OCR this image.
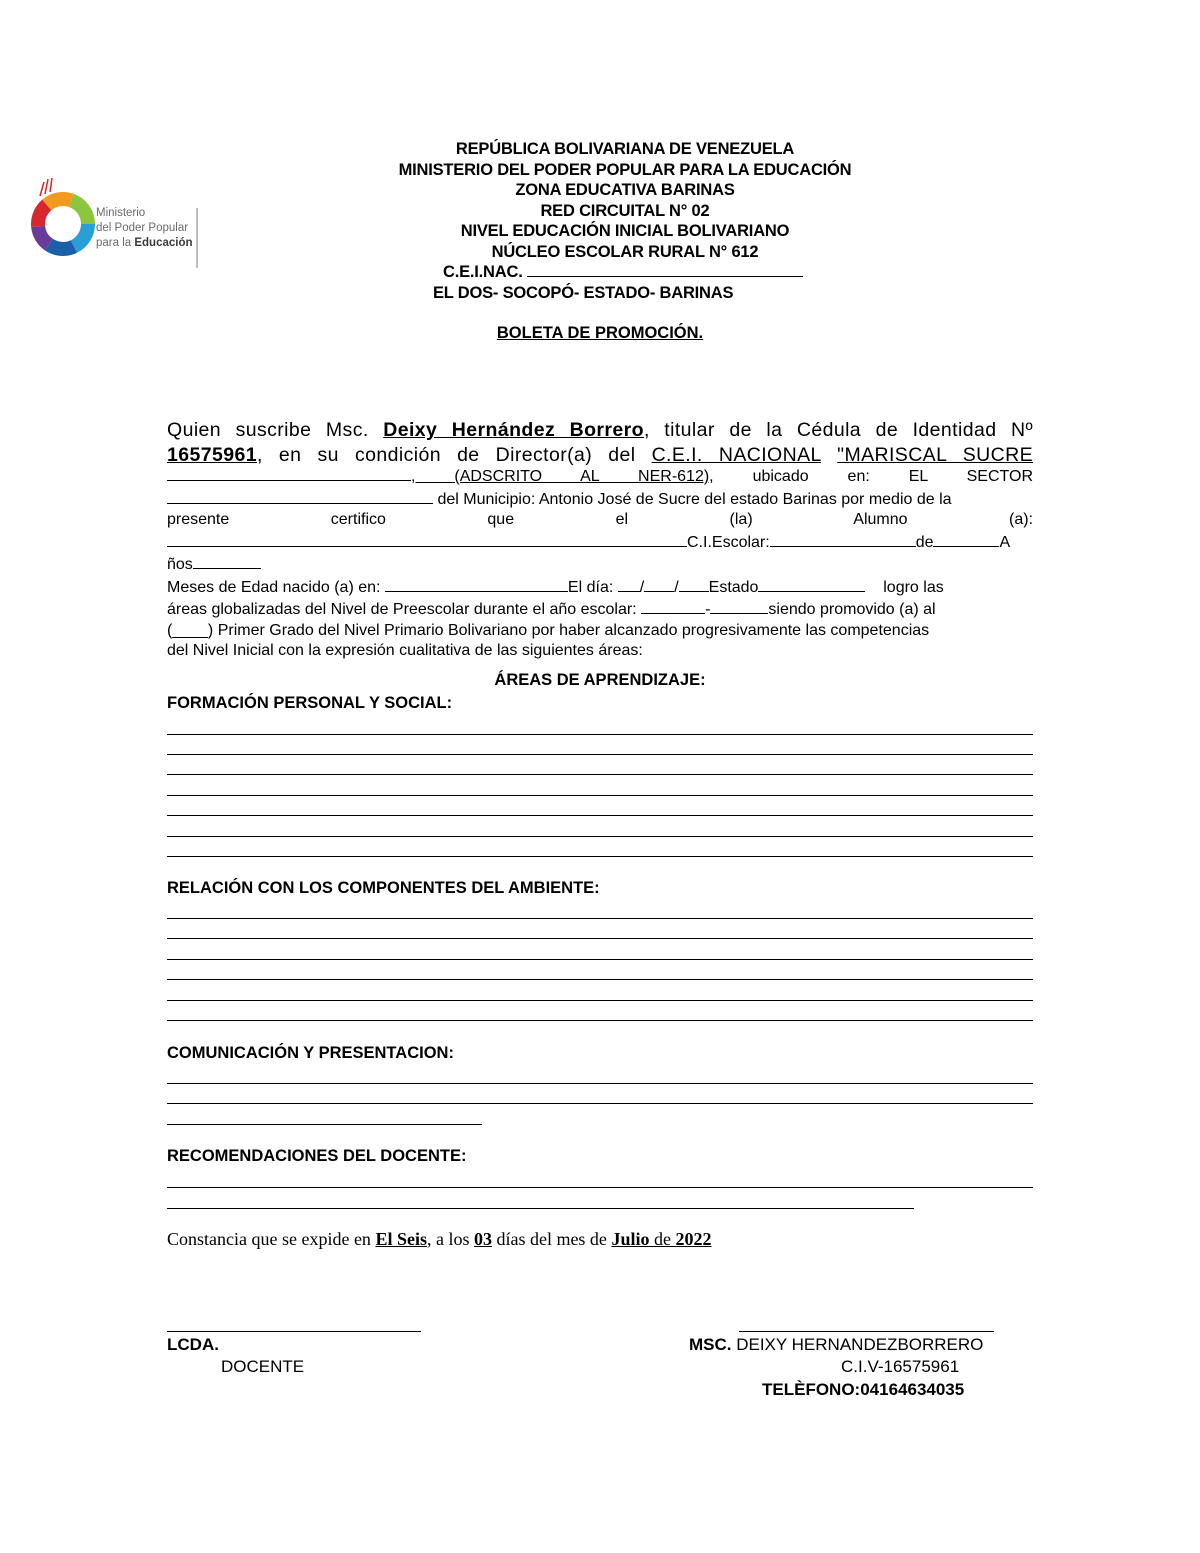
Ministerio
del Poder Popular
para la Educación
REPÚBLICA BOLIVARIANA DE VENEZUELA
MINISTERIO DEL PODER POPULAR PARA LA EDUCACIÓN
ZONA EDUCATIVA BARINAS
RED CIRCUITAL N° 02
NIVEL EDUCACIÓN INICIAL BOLIVARIANO
NÚCLEO ESCOLAR RURAL N° 612
C.E.I.NAC.
EL DOS- SOCOPÓ- ESTADO- BARINAS
BOLETA DE PROMOCIÓN.
Quien suscribe Msc. Deixy Hernández Borrero, titular de la Cédula de Identidad Nº
16575961, en su condición de Director(a) del C.E.I. NACIONAL "MARISCAL SUCRE
, (ADSCRITO AL NER-612), ubicado en: EL SECTOR
del Municipio: Antonio José de Sucre del estado Barinas por medio de la
presente	certifico	que	el	(la)	Alumno	(a):
C.I.Escolar:	de	A
ños
Meses de Edad nacido (a) en:	El día: / / Estado	logro las
áreas globalizadas del Nivel de Preescolar durante el año escolar:	-	siendo promovido (a) al
(____) Primer Grado del Nivel Primario Bolivariano por haber alcanzado progresivamente las competencias
del Nivel Inicial con la expresión cualitativa de las siguientes áreas:
ÁREAS DE APRENDIZAJE:
FORMACIÓN PERSONAL Y SOCIAL:
RELACIÓN CON LOS COMPONENTES DEL AMBIENTE:
COMUNICACIÓN Y PRESENTACION:
RECOMENDACIONES DEL DOCENTE:
Constancia que se expide en El Seis, a los 03 días del mes de Julio de 2022
LCDA.
DOCENTE
MSC. DEIXY HERNANDEZBORRERO
C.I.V-16575961
TELÈFONO:04164634035
